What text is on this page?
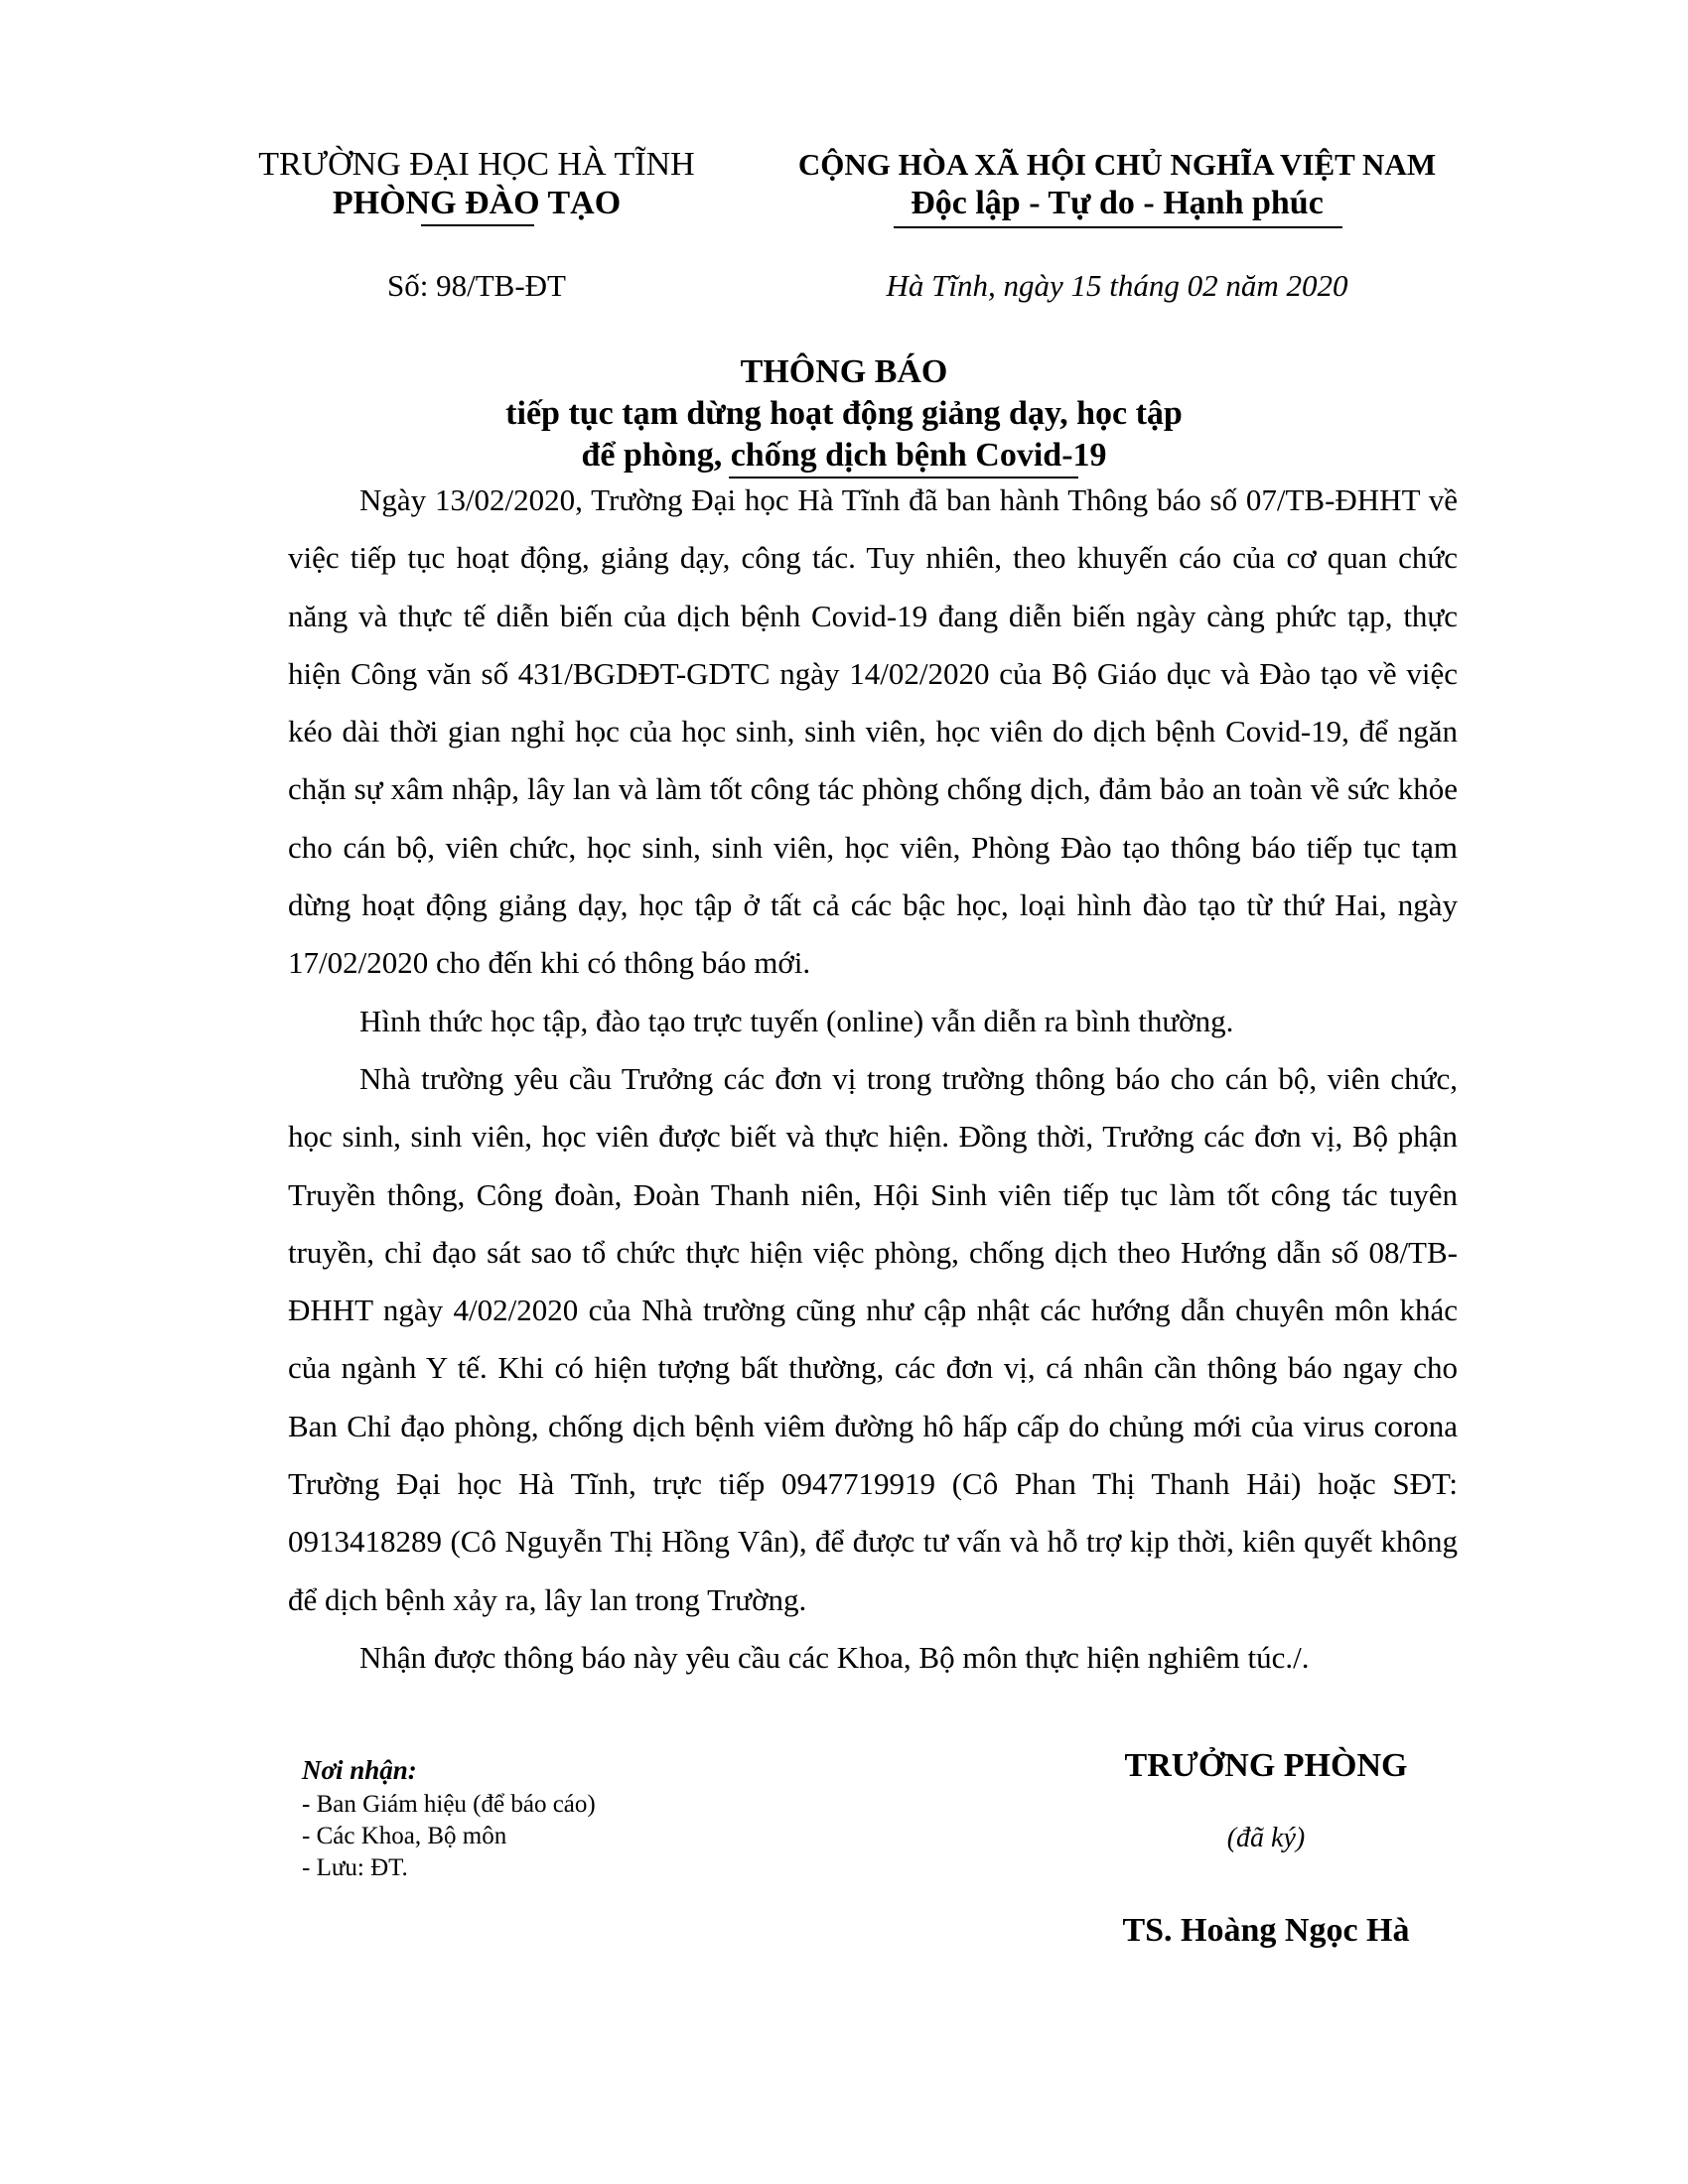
TRƯỜNG ĐẠI HỌC HÀ TĨNH
PHÒNG ĐÀO TẠO
CỘNG HÒA XÃ HỘI CHỦ NGHĨA VIỆT NAM
Độc lập - Tự do - Hạnh phúc
Số: 98/TB-ĐT	Hà Tĩnh, ngày 15 tháng 02 năm 2020
THÔNG BÁO
tiếp tục tạm dừng hoạt động giảng dạy, học tập
để phòng, chống dịch bệnh Covid-19

Ngày 13/02/2020, Trường Đại học Hà Tĩnh đã ban hành Thông báo số 07/TB-ĐHHT về việc tiếp tục hoạt động, giảng dạy, công tác. Tuy nhiên, theo khuyến cáo của cơ quan chức năng và thực tế diễn biến của dịch bệnh Covid-19 đang diễn biến ngày càng phức tạp, thực hiện Công văn số 431/BGDĐT-GDTC ngày 14/02/2020 của Bộ Giáo dục và Đào tạo về việc kéo dài thời gian nghỉ học của học sinh, sinh viên, học viên do dịch bệnh Covid-19, để ngăn chặn sự xâm nhập, lây lan và làm tốt công tác phòng chống dịch, đảm bảo an toàn về sức khỏe cho cán bộ, viên chức, học sinh, sinh viên, học viên, Phòng Đào tạo thông báo tiếp tục tạm dừng hoạt động giảng dạy, học tập ở tất cả các bậc học, loại hình đào tạo từ thứ Hai, ngày 17/02/2020 cho đến khi có thông báo mới.

Hình thức học tập, đào tạo trực tuyến (online) vẫn diễn ra bình thường.

Nhà trường yêu cầu Trưởng các đơn vị trong trường thông báo cho cán bộ, viên chức, học sinh, sinh viên, học viên được biết và thực hiện. Đồng thời, Trưởng các đơn vị, Bộ phận Truyền thông, Công đoàn, Đoàn Thanh niên, Hội Sinh viên tiếp tục làm tốt công tác tuyên truyền, chỉ đạo sát sao tổ chức thực hiện việc phòng, chống dịch theo Hướng dẫn số 08/TB-ĐHHT ngày 4/02/2020 của Nhà trường cũng như cập nhật các hướng dẫn chuyên môn khác của ngành Y tế. Khi có hiện tượng bất thường, các đơn vị, cá nhân cần thông báo ngay cho Ban Chỉ đạo phòng, chống dịch bệnh viêm đường hô hấp cấp do chủng mới của virus corona Trường Đại học Hà Tĩnh, trực tiếp 0947719919 (Cô Phan Thị Thanh Hải) hoặc SĐT: 0913418289 (Cô Nguyễn Thị Hồng Vân), để được tư vấn và hỗ trợ kịp thời, kiên quyết không để dịch bệnh xảy ra, lây lan trong Trường.

Nhận được thông báo này yêu cầu các Khoa, Bộ môn thực hiện nghiêm túc./.

Nơi nhận:
- Ban Giám hiệu (để báo cáo)
- Các Khoa, Bộ môn
- Lưu: ĐT.
TRƯỞNG PHÒNG
(đã ký)
TS. Hoàng Ngọc Hà
